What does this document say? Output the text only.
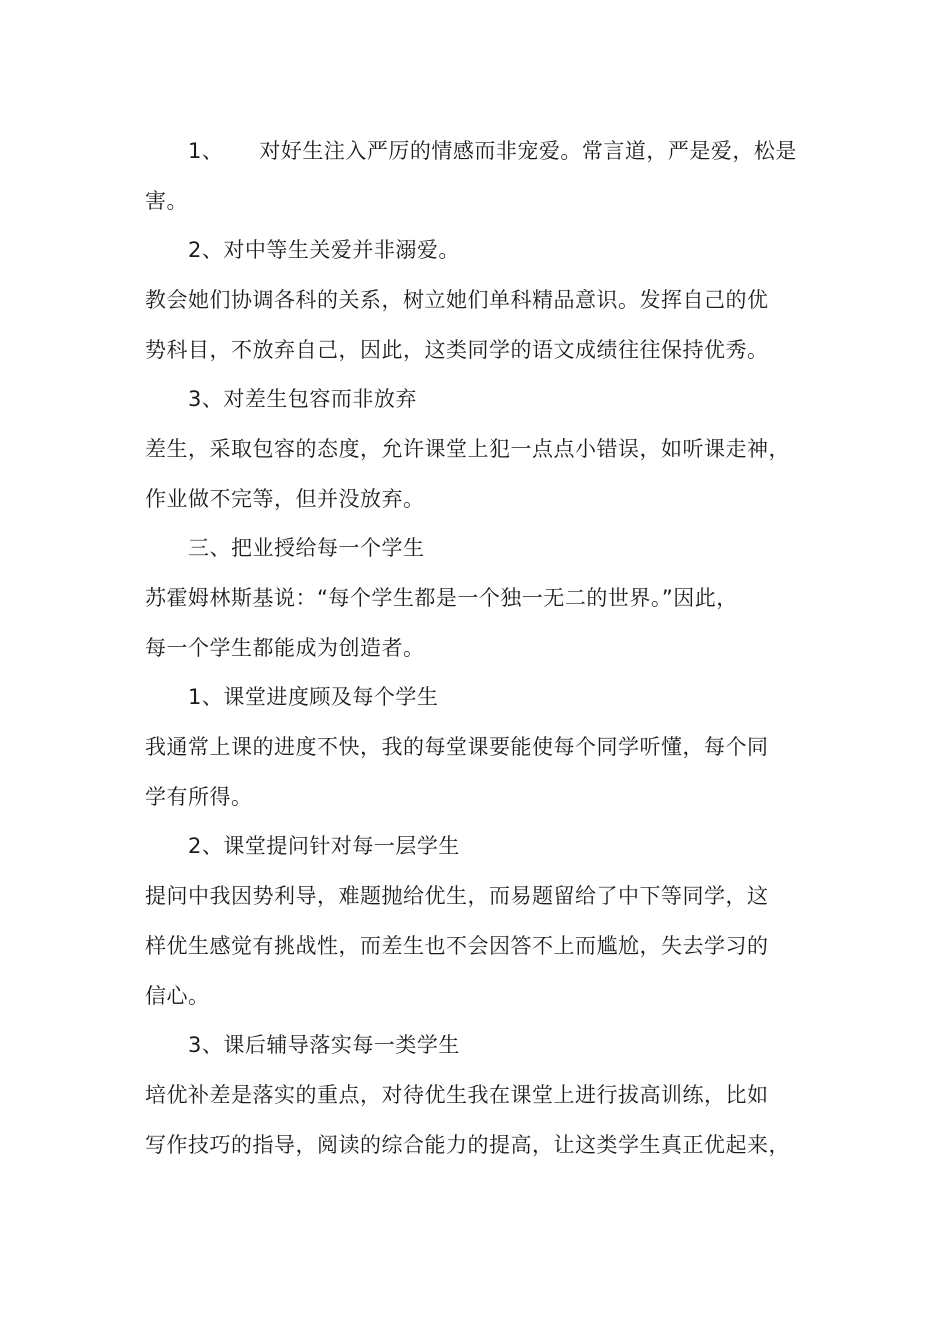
1、 对好生注入严厉的情感而非宠爱。常言道，严是爱，松是
害。
2、对中等生关爱并非溺爱。
教会她们协调各科的关系，树立她们单科精品意识。发挥自己的优
势科目，不放弃自己，因此，这类同学的语文成绩往往保持优秀。
3、对差生包容而非放弃
差生，采取包容的态度，允许课堂上犯一点点小错误，如听课走神，
作业做不完等，但并没放弃。
三、把业授给每一个学生
苏霍姆林斯基说：“每个学生都是一个独一无二的世界。”因此，
每一个学生都能成为创造者。
1、课堂进度顾及每个学生
我通常上课的进度不快，我的每堂课要能使每个同学听懂，每个同
学有所得。
2、课堂提问针对每一层学生
提问中我因势利导，难题抛给优生，而易题留给了中下等同学，这
样优生感觉有挑战性，而差生也不会因答不上而尴尬，失去学习的
信心。
3、课后辅导落实每一类学生
培优补差是落实的重点，对待优生我在课堂上进行拔高训练，比如
写作技巧的指导，阅读的综合能力的提高，让这类学生真正优起来，
